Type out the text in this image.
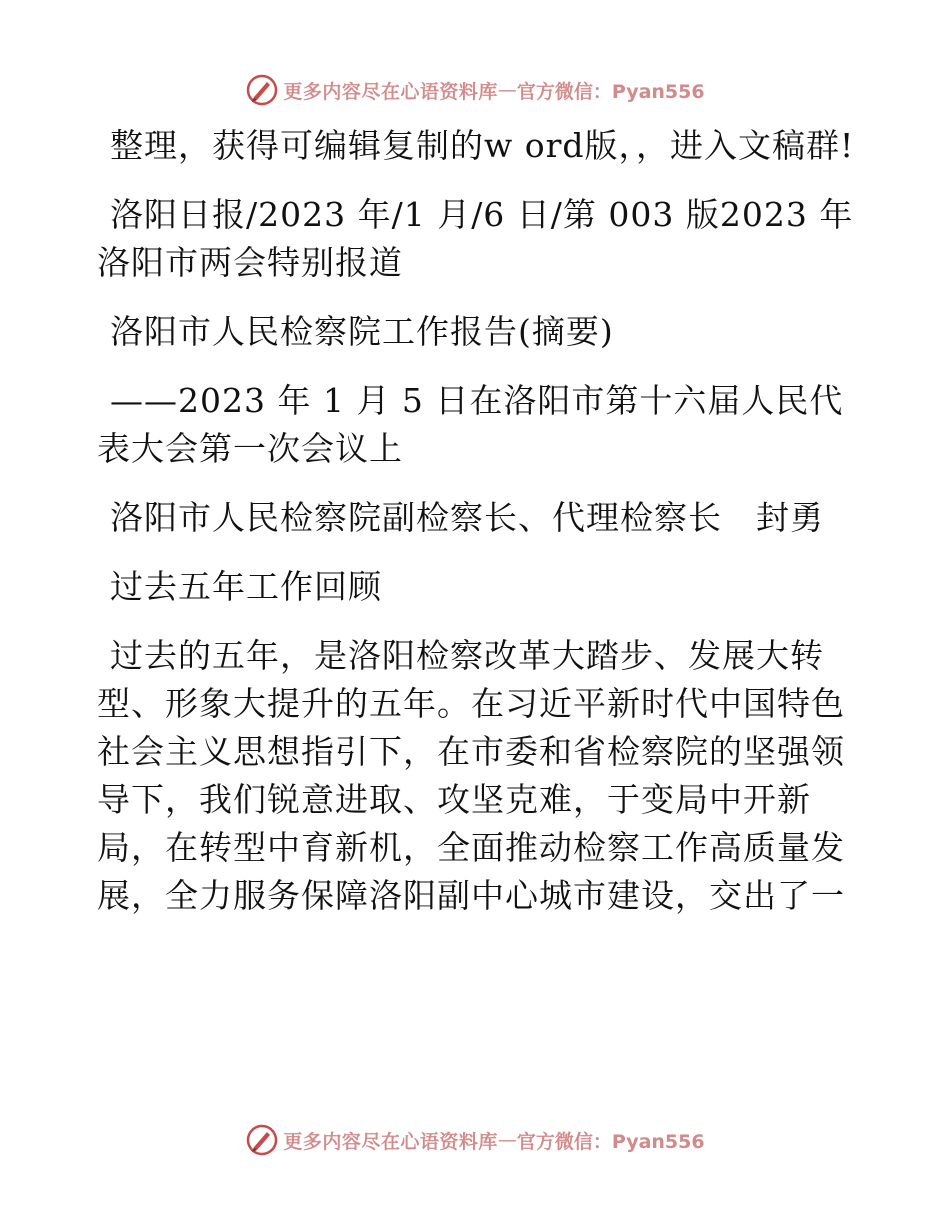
更多内容尽在心语资料库 — 官方微信：Pyan556

整理，获得可编辑复制的w ord版，，进入文稿群!

洛阳日报/2023 年/1 月/6 日/第 003 版2023 年洛阳市两会特别报道

洛阳市人民检察院工作报告(摘要)

——2023 年 1 月 5 日在洛阳市第十六届人民代表大会第一次会议上

洛阳市人民检察院副检察长、代理检察长　封勇

过去五年工作回顾

过去的五年，是洛阳检察改革大踏步、发展大转型、形象大提升的五年。在习近平新时代中国特色社会主义思想指引下，在市委和省检察院的坚强领导下，我们锐意进取、攻坚克难，于变局中开新局，在转型中育新机，全面推动检察工作高质量发展，全力服务保障洛阳副中心城市建设，交出了一

更多内容尽在心语资料库 — 官方微信：Pyan556
